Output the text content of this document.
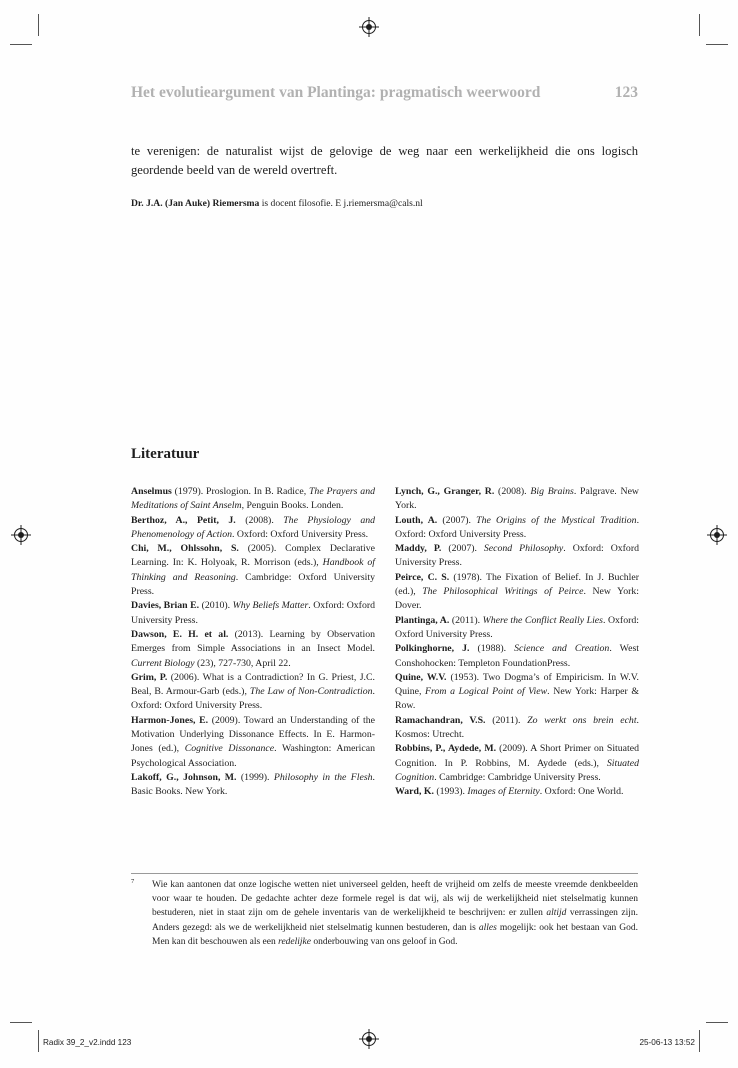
Het evolutieargument van Plantinga: pragmatisch weerwoord	123

te verenigen: de naturalist wijst de gelovige de weg naar een werkelijkheid die ons logisch geordende beeld van de wereld overtreft.

Dr. J.A. (Jan Auke) Riemersma is docent filosofie. E j.riemersma@cals.nl

Literatuur
Anselmus (1979). Proslogion. In B. Radice, The Prayers and Meditations of Saint Anselm, Penguin Books. Londen.
Berthoz, A., Petit, J. (2008). The Physiology and Phenomenology of Action. Oxford: Oxford University Press.
Chi, M., Ohlssohn, S. (2005). Complex Declarative Learning. In: K. Holyoak, R. Morrison (eds.), Handbook of Thinking and Reasoning. Cambridge: Oxford University Press.
Davies, Brian E. (2010). Why Beliefs Matter. Oxford: Oxford University Press.
Dawson, E. H. et al. (2013). Learning by Observation Emerges from Simple Associations in an Insect Model. Current Biology (23), 727-730, April 22.
Grim, P. (2006). What is a Contradiction? In G. Priest, J.C. Beal, B. Armour-Garb (eds.), The Law of Non-Contradiction. Oxford: Oxford University Press.
Harmon-Jones, E. (2009). Toward an Understanding of the Motivation Underlying Dissonance Effects. In E. Harmon-Jones (ed.), Cognitive Dissonance. Washington: American Psychological Association.
Lakoff, G., Johnson, M. (1999). Philosophy in the Flesh. Basic Books. New York.
Lynch, G., Granger, R. (2008). Big Brains. Palgrave. New York.
Louth, A. (2007). The Origins of the Mystical Tradition. Oxford: Oxford University Press.
Maddy, P. (2007). Second Philosophy. Oxford: Oxford University Press.
Peirce, C. S. (1978). The Fixation of Belief. In J. Buchler (ed.), The Philosophical Writings of Peirce. New York: Dover.
Plantinga, A. (2011). Where the Conflict Really Lies. Oxford: Oxford University Press.
Polkinghorne, J. (1988). Science and Creation. West Conshohocken: Templeton FoundationPress.
Quine, W.V. (1953). Two Dogma’s of Empiricism. In W.V. Quine, From a Logical Point of View. New York: Harper & Row.
Ramachandran, V.S. (2011). Zo werkt ons brein echt. Kosmos: Utrecht.
Robbins, P., Aydede, M. (2009). A Short Primer on Situated Cognition. In P. Robbins, M. Aydede (eds.), Situated Cognition. Cambridge: Cambridge University Press.
Ward, K. (1993). Images of Eternity. Oxford: One World.
7 Wie kan aantonen dat onze logische wetten niet universeel gelden, heeft de vrijheid om zelfs de meeste vreemde denkbeelden voor waar te houden. De gedachte achter deze formele regel is dat wij, als wij de werkelijkheid niet stelselmatig kunnen bestuderen, niet in staat zijn om de gehele inventaris van de werkelijkheid te beschrijven: er zullen altijd verrassingen zijn. Anders gezegd: als we de werkelijkheid niet stelselmatig kunnen bestuderen, dan is alles mogelijk: ook het bestaan van God. Men kan dit beschouwen als een redelijke onderbouwing van ons geloof in God.

Radix 39_2_v2.indd 123	25-06-13 13:52
